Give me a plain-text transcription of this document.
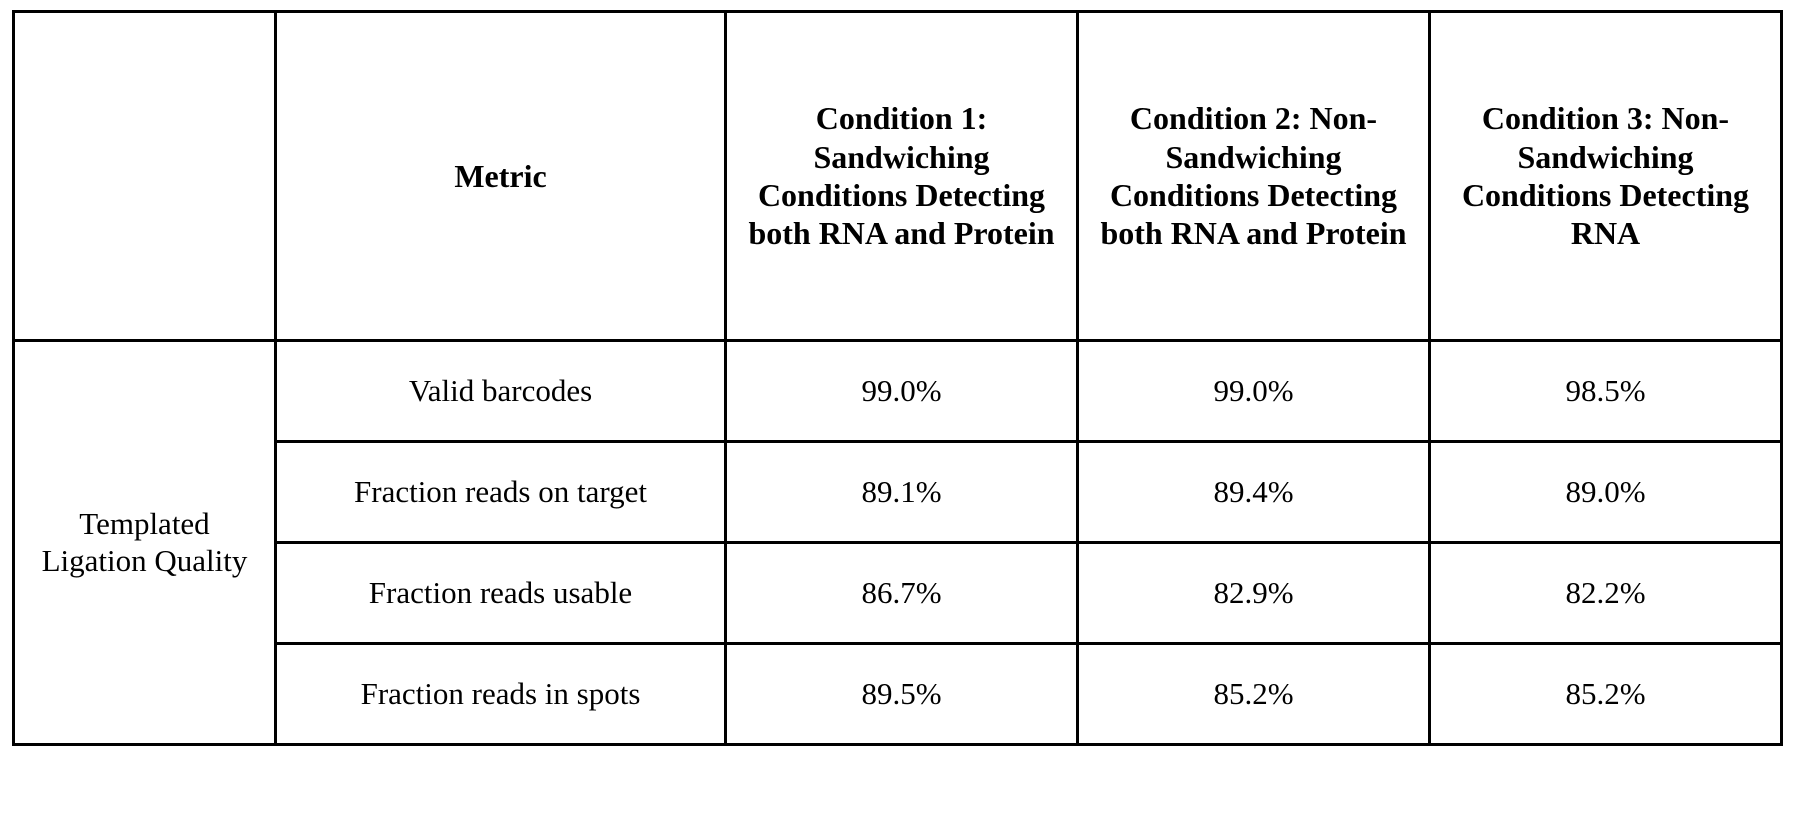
	Metric	Condition 1: Sandwiching Conditions Detecting both RNA and Protein	Condition 2: Non-Sandwiching Conditions Detecting both RNA and Protein	Condition 3: Non-Sandwiching Conditions Detecting RNA
Templated Ligation Quality	Valid barcodes	99.0%	99.0%	98.5%
	Fraction reads on target	89.1%	89.4%	89.0%
	Fraction reads usable	86.7%	82.9%	82.2%
	Fraction reads in spots	89.5%	85.2%	85.2%
